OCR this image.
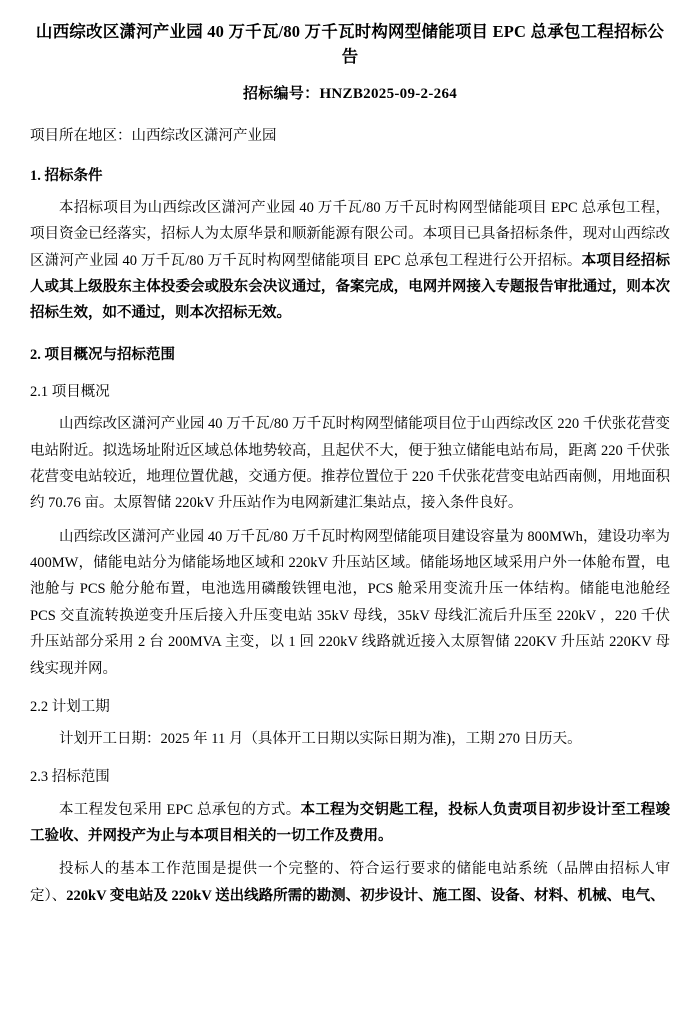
山西综改区潇河产业园 40 万千瓦/80 万千瓦时构网型储能项目 EPC 总承包工程招标公告
招标编号：HNZB2025-09-2-264
项目所在地区：山西综改区潇河产业园
1. 招标条件

本招标项目为山西综改区潇河产业园 40 万千瓦/80 万千瓦时构网型储能项目 EPC 总承包工程，项目资金已经落实，招标人为太原华景和顺新能源有限公司。本项目已具备招标条件，现对山西综改区潇河产业园 40 万千瓦/80 万千瓦时构网型储能项目 EPC 总承包工程进行公开招标。本项目经招标人或其上级股东主体投委会或股东会决议通过，备案完成，电网并网接入专题报告审批通过，则本次招标生效，如不通过，则本次招标无效。

2. 项目概况与招标范围
2.1 项目概况

山西综改区潇河产业园 40 万千瓦/80 万千瓦时构网型储能项目位于山西综改区 220 千伏张花营变电站附近。拟选场址附近区域总体地势较高，且起伏不大，便于独立储能电站布局，距离 220 千伏张花营变电站较近，地理位置优越，交通方便。推荐位置位于 220 千伏张花营变电站西南侧，用地面积约 70.76 亩。太原智储 220kV 升压站作为电网新建汇集站点，接入条件良好。

山西综改区潇河产业园 40 万千瓦/80 万千瓦时构网型储能项目建设容量为 800MWh，建设功率为 400MW，储能电站分为储能场地区域和 220kV 升压站区域。储能场地区域采用户外一体舱布置，电池舱与 PCS 舱分舱布置，电池选用磷酸铁锂电池，PCS 舱采用变流升压一体结构。储能电池舱经 PCS 交直流转换逆变升压后接入升压变电站 35kV 母线，35kV 母线汇流后升压至 220kV ，220 千伏升压站部分采用 2 台 200MVA 主变，以 1 回 220kV 线路就近接入太原智储 220KV 升压站 220KV 母线实现并网。

2.2 计划工期

计划开工日期：2025 年 11 月（具体开工日期以实际日期为准)，工期 270 日历天。

2.3 招标范围

本工程发包采用 EPC 总承包的方式。本工程为交钥匙工程，投标人负责项目初步设计至工程竣工验收、并网投产为止与本项目相关的一切工作及费用。

投标人的基本工作范围是提供一个完整的、符合运行要求的储能电站系统（品牌由招标人审定）、220kV 变电站及 220kV 送出线路所需的勘测、初步设计、施工图、设备、材料、机械、电气、
